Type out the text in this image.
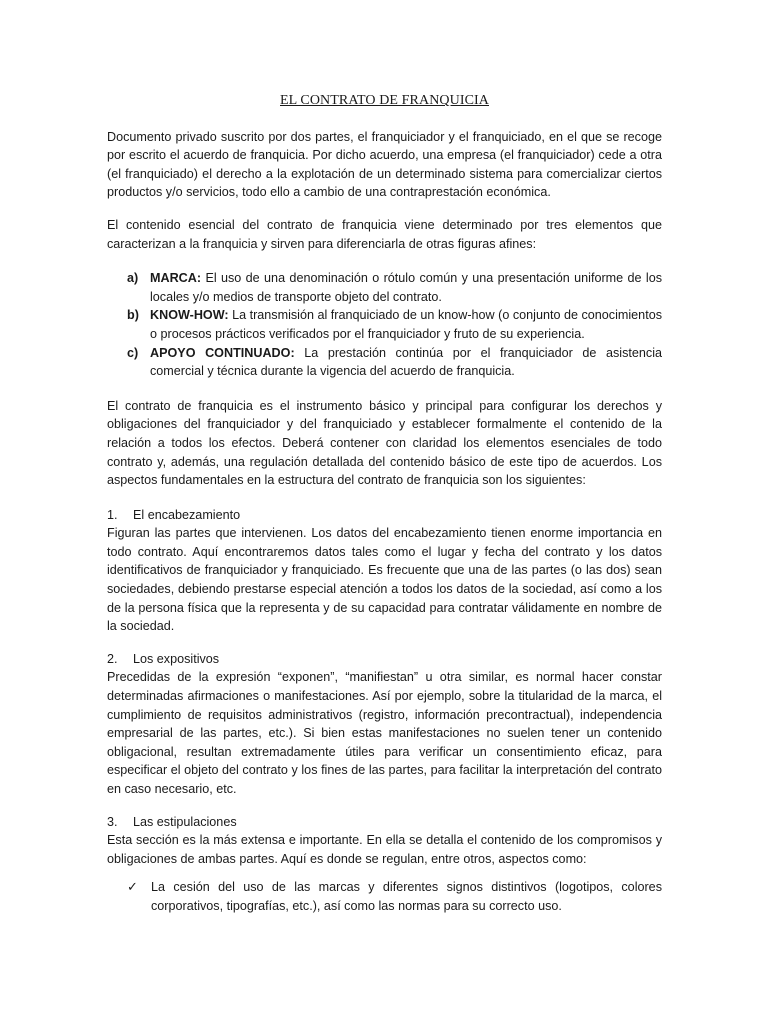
EL CONTRATO DE FRANQUICIA

Documento privado suscrito por dos partes, el franquiciador y el franquiciado, en el que se recoge por escrito el acuerdo de franquicia. Por dicho acuerdo, una empresa (el franquiciador) cede a otra (el franquiciado) el derecho a la explotación de un determinado sistema para comercializar ciertos productos y/o servicios, todo ello a cambio de una contraprestación económica.

El contenido esencial del contrato de franquicia viene determinado por tres elementos que caracterizan a la franquicia y sirven para diferenciarla de otras figuras afines:

a) MARCA: El uso de una denominación o rótulo común y una presentación uniforme de los locales y/o medios de transporte objeto del contrato.
b) KNOW-HOW: La transmisión al franquiciado de un know-how (o conjunto de conocimientos o procesos prácticos verificados por el franquiciador y fruto de su experiencia.
c) APOYO CONTINUADO: La prestación continúa por el franquiciador de asistencia comercial y técnica durante la vigencia del acuerdo de franquicia.

El contrato de franquicia es el instrumento básico y principal para configurar los derechos y obligaciones del franquiciador y del franquiciado y establecer formalmente el contenido de la relación a todos los efectos. Deberá contener con claridad los elementos esenciales de todo contrato y, además, una regulación detallada del contenido básico de este tipo de acuerdos. Los aspectos fundamentales en la estructura del contrato de franquicia son los siguientes:

1.	El encabezamiento

Figuran las partes que intervienen. Los datos del encabezamiento tienen enorme importancia en todo contrato. Aquí encontraremos datos tales como el lugar y fecha del contrato y los datos identificativos de franquiciador y franquiciado. Es frecuente que una de las partes (o las dos) sean sociedades, debiendo prestarse especial atención a todos los datos de la sociedad, así como a los de la persona física que la representa y de su capacidad para contratar válidamente en nombre de la sociedad.

2.	Los expositivos

Precedidas de la expresión “exponen”, “manifiestan” u otra similar, es normal hacer constar determinadas afirmaciones o manifestaciones. Así por ejemplo, sobre la titularidad de la marca, el cumplimiento de requisitos administrativos (registro, información precontractual), independencia empresarial de las partes, etc.). Si bien estas manifestaciones no suelen tener un contenido obligacional, resultan extremadamente útiles para verificar un consentimiento eficaz, para especificar el objeto del contrato y los fines de las partes, para facilitar la interpretación del contrato en caso necesario, etc.

3.	Las estipulaciones

Esta sección es la más extensa e importante. En ella se detalla el contenido de los compromisos y obligaciones de ambas partes. Aquí es donde se regulan, entre otros, aspectos como:

✓	La cesión del uso de las marcas y diferentes signos distintivos (logotipos, colores corporativos, tipografías, etc.), así como las normas para su correcto uso.
